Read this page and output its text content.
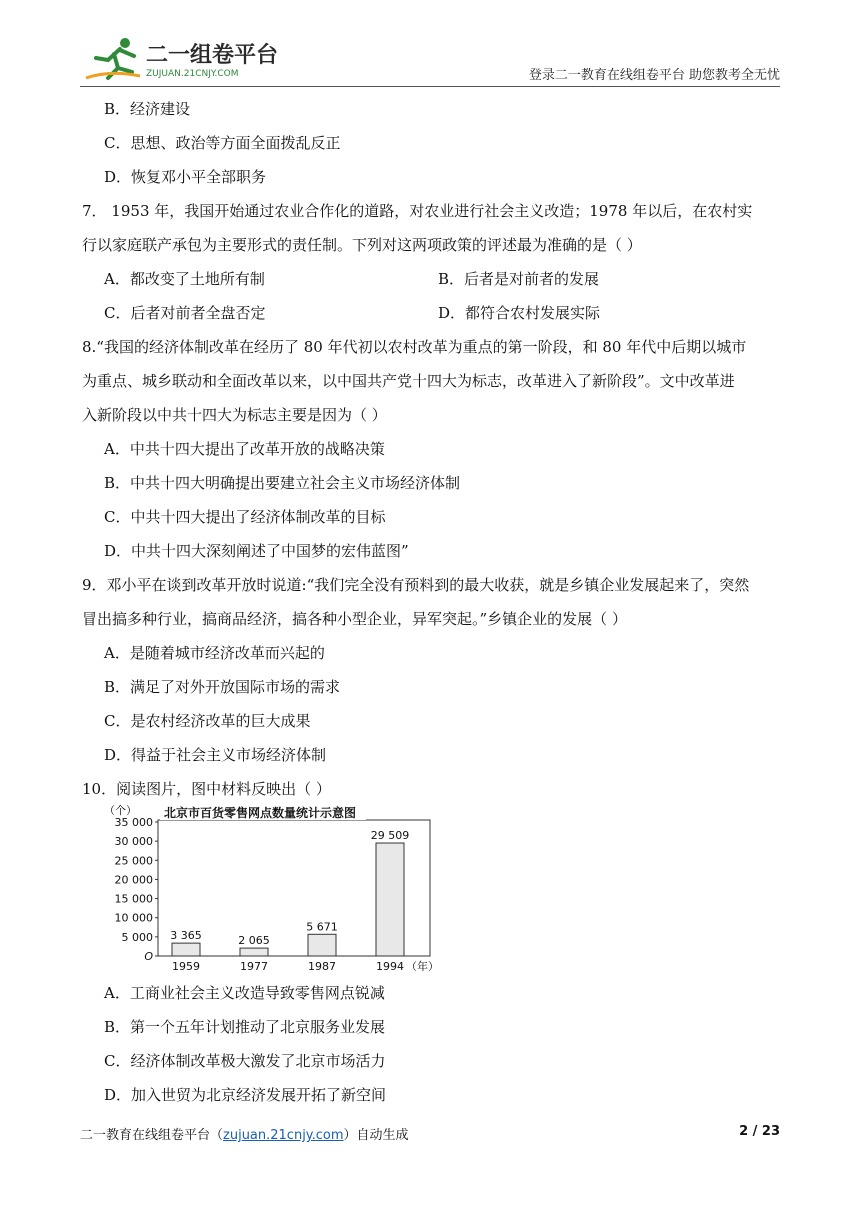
二一组卷平台
ZUJUAN.21CNJY.COM	登录二一教育在线组卷平台 助您教考全无忧
B．经济建设
C．思想、政治等方面全面拨乱反正
D．恢复邓小平全部职务
7． 1953 年，我国开始通过农业合作化的道路，对农业进行社会主义改造；1978 年以后，在农村实
行以家庭联产承包为主要形式的责任制。下列对这两项政策的评述最为准确的是（ ）
A．都改变了土地所有制	B．后者是对前者的发展
C．后者对前者全盘否定	D．都符合农村发展实际
8.“我国的经济体制改革在经历了 80 年代初以农村改革为重点的第一阶段，和 80 年代中后期以城市
为重点、城乡联动和全面改革以来，以中国共产党十四大为标志，改革进入了新阶段”。文中改革进
入新阶段以中共十四大为标志主要是因为（ ）
A．中共十四大提出了改革开放的战略决策
B．中共十四大明确提出要建立社会主义市场经济体制
C．中共十四大提出了经济体制改革的目标
D．中共十四大深刻阐述了中国梦的宏伟蓝图”
9．邓小平在谈到改革开放时说道:“我们完全没有预料到的最大收获，就是乡镇企业发展起来了，突然
冒出搞多种行业，搞商品经济，搞各种小型企业，异军突起。”乡镇企业的发展（ ）
A．是随着城市经济改革而兴起的
B．满足了对外开放国际市场的需求
C．是农村经济改革的巨大成果
D．得益于社会主义市场经济体制
10．阅读图片，图中材料反映出（ ）
（个） 北京市百货零售网点数量统计示意图
O
5 000
10 000
15 000
20 000
25 000
30 000
35 000
3 365	2 065
5 671
29 509
1959	1977	1987	1994 （年）
A．工商业社会主义改造导致零售网点锐减
B．第一个五年计划推动了北京服务业发展
C．经济体制改革极大激发了北京市场活力
D．加入世贸为北京经济发展开拓了新空间
二一教育在线组卷平台（zujuan.21cnjy.com）自动生成	2 / 23
